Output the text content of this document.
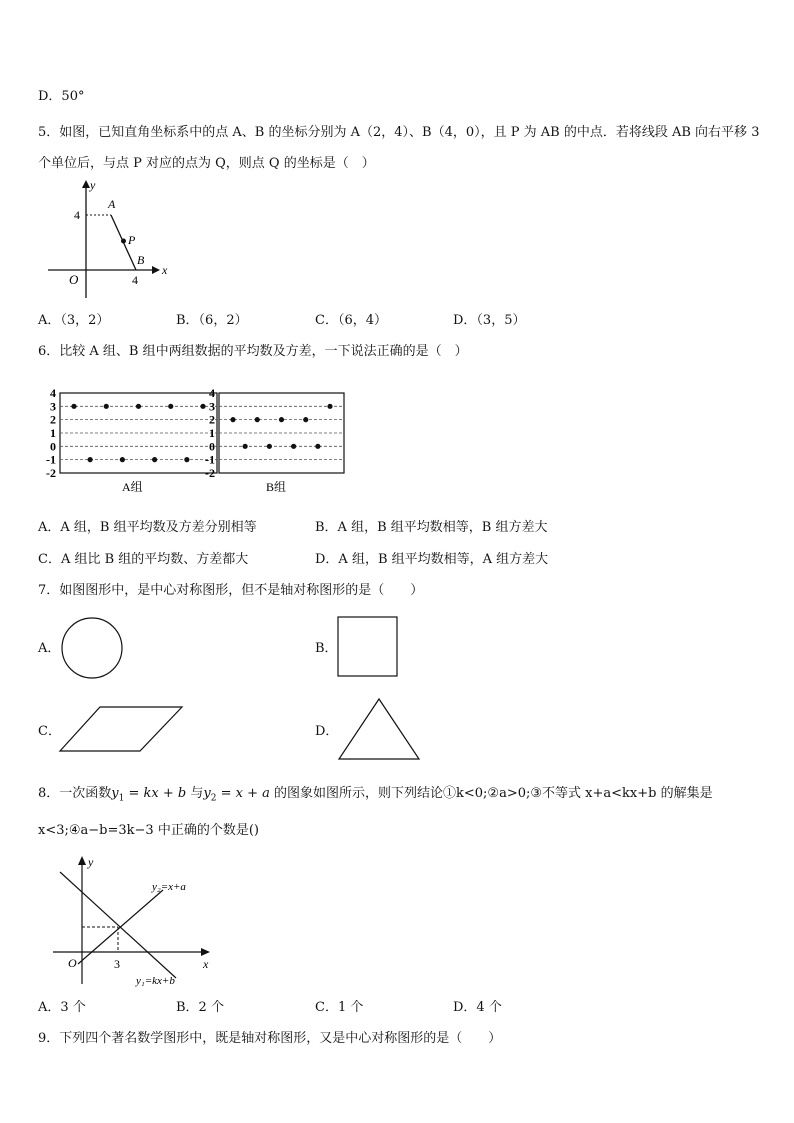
D．50°
5．如图，已知直角坐标系中的点 A、B 的坐标分别为 A（2，4）、B（4，0），且 P 为 AB 的中点．若将线段 AB 向右平移 3
个单位后，与点 P 对应的点为 Q，则点 Q 的坐标是（　）
x
y
4
4
O
A
P
B
A．（3，2）	B．（6，2）	C．（6，4）	D．（3，5）
6．比较 A 组、B 组中两组数据的平均数及方差，一下说法正确的是（　）
4
3
2
1
0
-1
-2
4
3
2
1
0
-1
-2
A组	B组
A．A 组，B 组平均数及方差分别相等	B．A 组，B 组平均数相等，B 组方差大
C．A 组比 B 组的平均数、方差都大	D．A 组，B 组平均数相等，A 组方差大
7．如图图形中，是中心对称图形，但不是轴对称图形的是（　　）
A．	B．
C．	D．
8．一次函数$y_1$ = kx + b 与$y_2 = x + a$ 的图象如图所示，则下列结论①k<0;②a>0;③不等式 x+a<kx+b 的解集是
x<3;④a−b=3k−3 中正确的个数是()
y
x
O	3
y₂=x+a
y₁=kx+b
A．3 个	B．2 个	C．1 个	D．4 个
9．下列四个著名数学图形中，既是轴对称图形，又是中心对称图形的是（　　）
